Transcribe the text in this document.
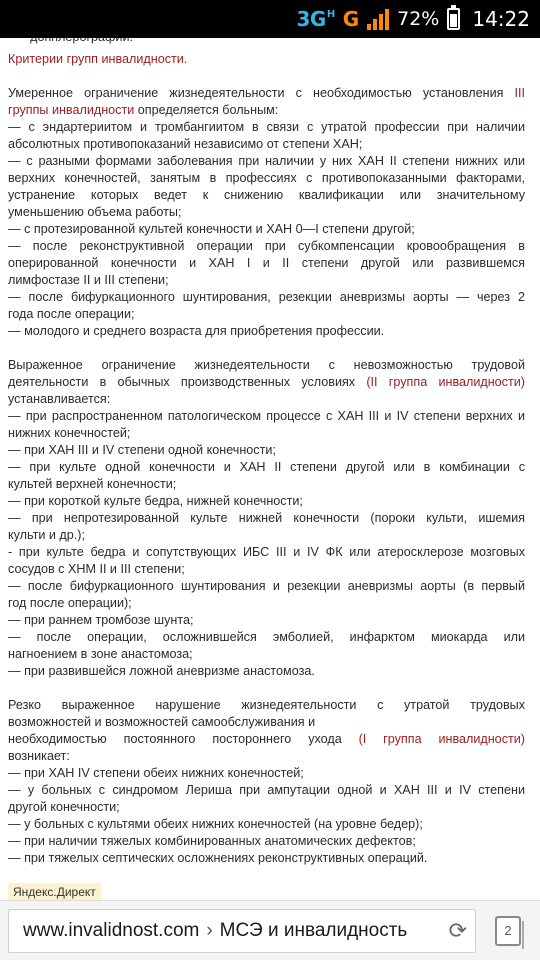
$3G^H$ G 72% 14:22
Критерии групп инвалидности.
Умеренное ограничение жизнедеятельности с необходимостью установления III
группы инвалидности определяется больным:
— с эндартериитом и тромбангиитом в связи с утратой профессии при наличии
абсолютных противопоказаний независимо от степени ХАН;
— с разными формами заболевания при наличии у них ХАН II степени нижних или
верхних конечностей, занятым в профессиях с противопоказанными факторами,
устранение которых ведет к снижению квалификации или значительному
уменьшению объема работы;
— с протезированной культей конечности и ХАН 0—I степени другой;
— после реконструктивной операции при субкомпенсации кровообращения в
оперированной конечности и ХАН I и II степени другой или развившемся
лимфостазе II и III степени;
— после бифуркационного шунтирования, резекции аневризмы аорты — через 2
года после операции;
— молодого и среднего возраста для приобретения профессии.
Выраженное ограничение жизнедеятельности с невозможностью трудовой
деятельности в обычных производственных условиях (II группа инвалидности)
устанавливается:
— при распространенном патологическом процессе с ХАН III и IV степени верхних и
нижних конечностей;
— при ХАН III и IV степени одной конечности;
— при культе одной конечности и ХАН II степени другой или в комбинации с
культей верхней конечности;
— при короткой культе бедра, нижней конечности;
— при непротезированной культе нижней конечности (пороки культи, ишемия
культи и др.);
- при культе бедра и сопутствующих ИБС III и IV ФК или атеросклерозе мозговых
сосудов с ХНМ II и III степени;
— после бифуркационного шунтирования и резекции аневризмы аорты (в первый
год после операции);
— при раннем тромбозе шунта;
— после операции, осложнившейся эмболией, инфарктом миокарда или
нагноением в зоне анастомоза;
— при развившейся ложной аневризме анастомоза.
Резко выраженное нарушение жизнедеятельности с утратой трудовых
возможностей и возможностей самообслуживания и
необходимостью постоянного постороннего ухода (I группа инвалидности)
возникает:
— при ХАН IV степени обеих нижних конечностей;
— у больных с синдромом Лериша при ампутации одной и ХАН III и IV степени
другой конечности;
— у больных с культями обеих нижних конечностей (на уровне бедер);
— при наличии тяжелых комбинированных анатомических дефектов;
— при тяжелых септических осложнениях реконструктивных операций.
Яндекс.Директ
www.invalidnost.com › МСЭ и инвалидность	⟳	2
